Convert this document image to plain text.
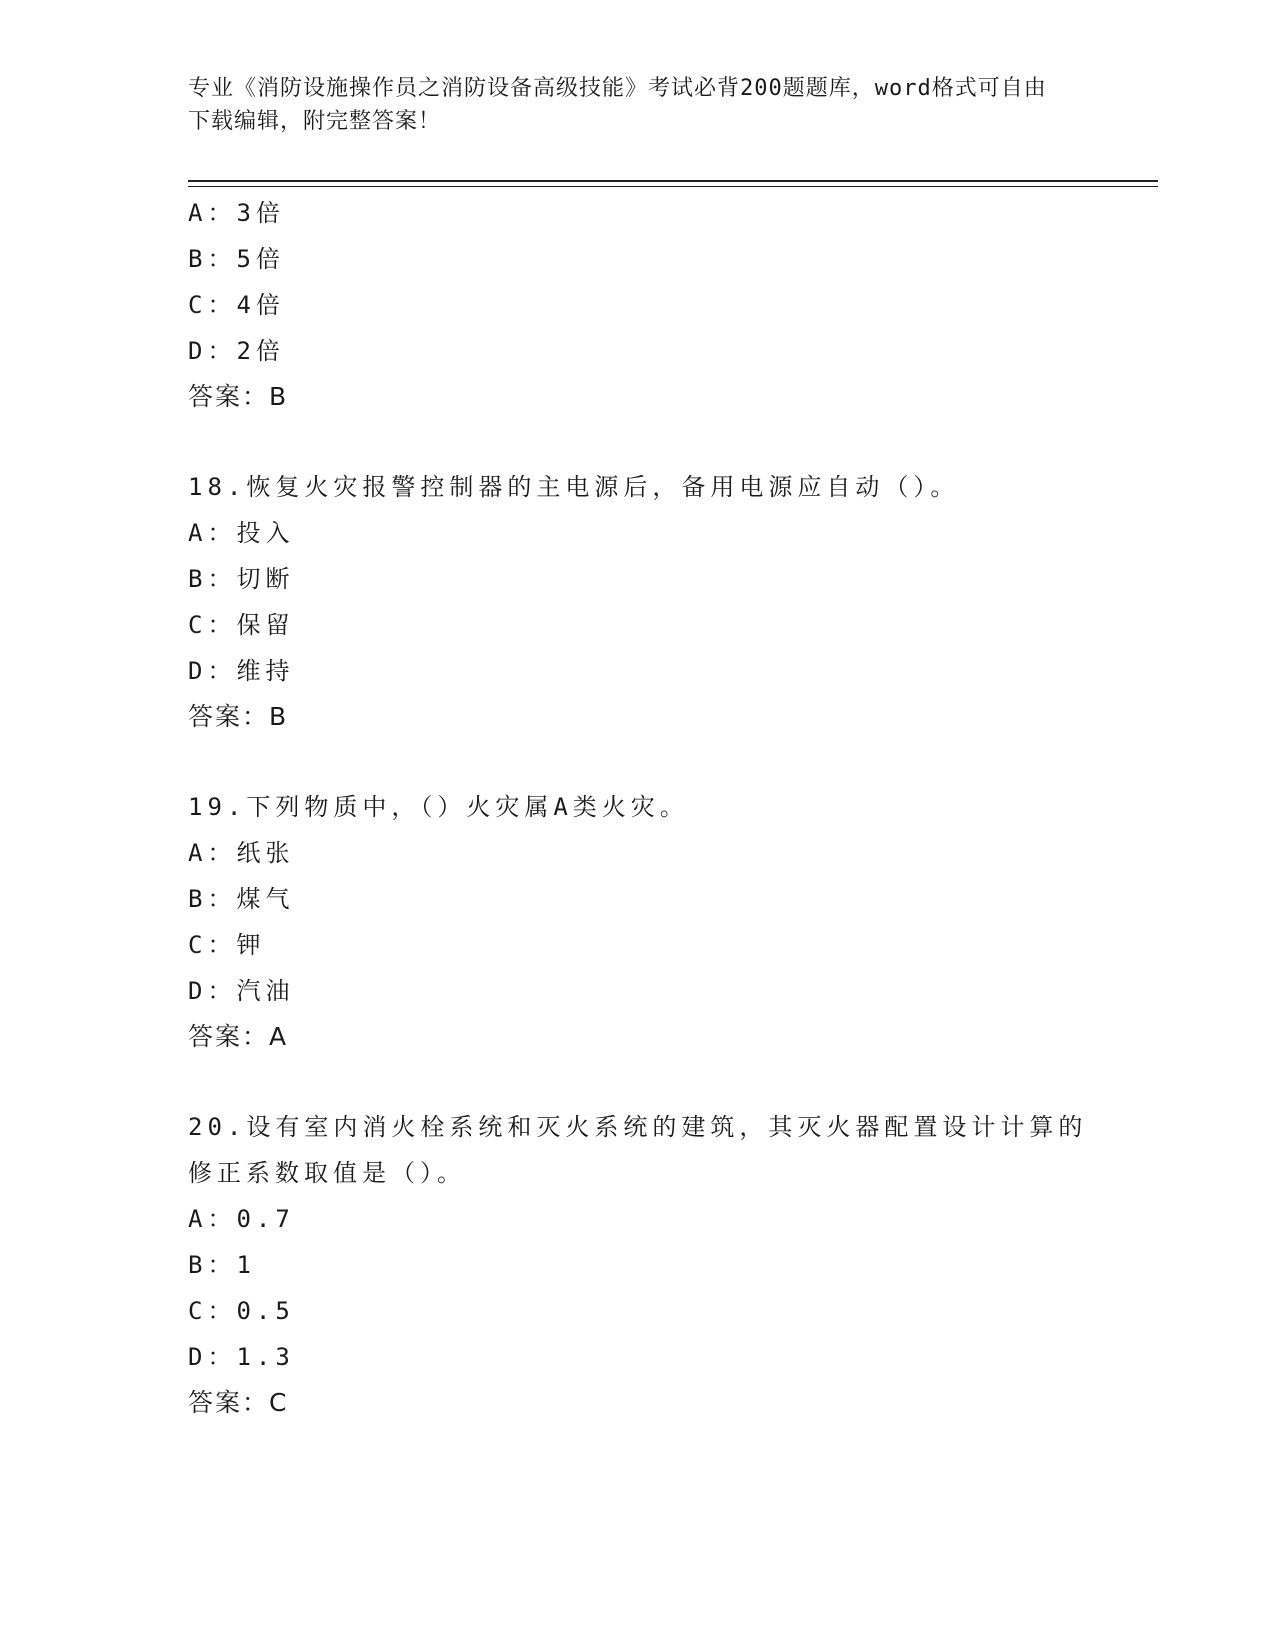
专业《消防设施操作员之消防设备高级技能》考试必背200题题库，word格式可自由下载编辑，附完整答案！
A：3倍
B：5倍
C：4倍
D：2倍
答案：B
18.恢复火灾报警控制器的主电源后，备用电源应自动（）。
A：投入
B：切断
C：保留
D：维持
答案：B
19.下列物质中，（）火灾属A类火灾。
A：纸张
B：煤气
C：钾
D：汽油
答案：A
20.设有室内消火栓系统和灭火系统的建筑，其灭火器配置设计计算的修正系数取值是（）。
A：0.7
B：1
C：0.5
D：1.3
答案：C
